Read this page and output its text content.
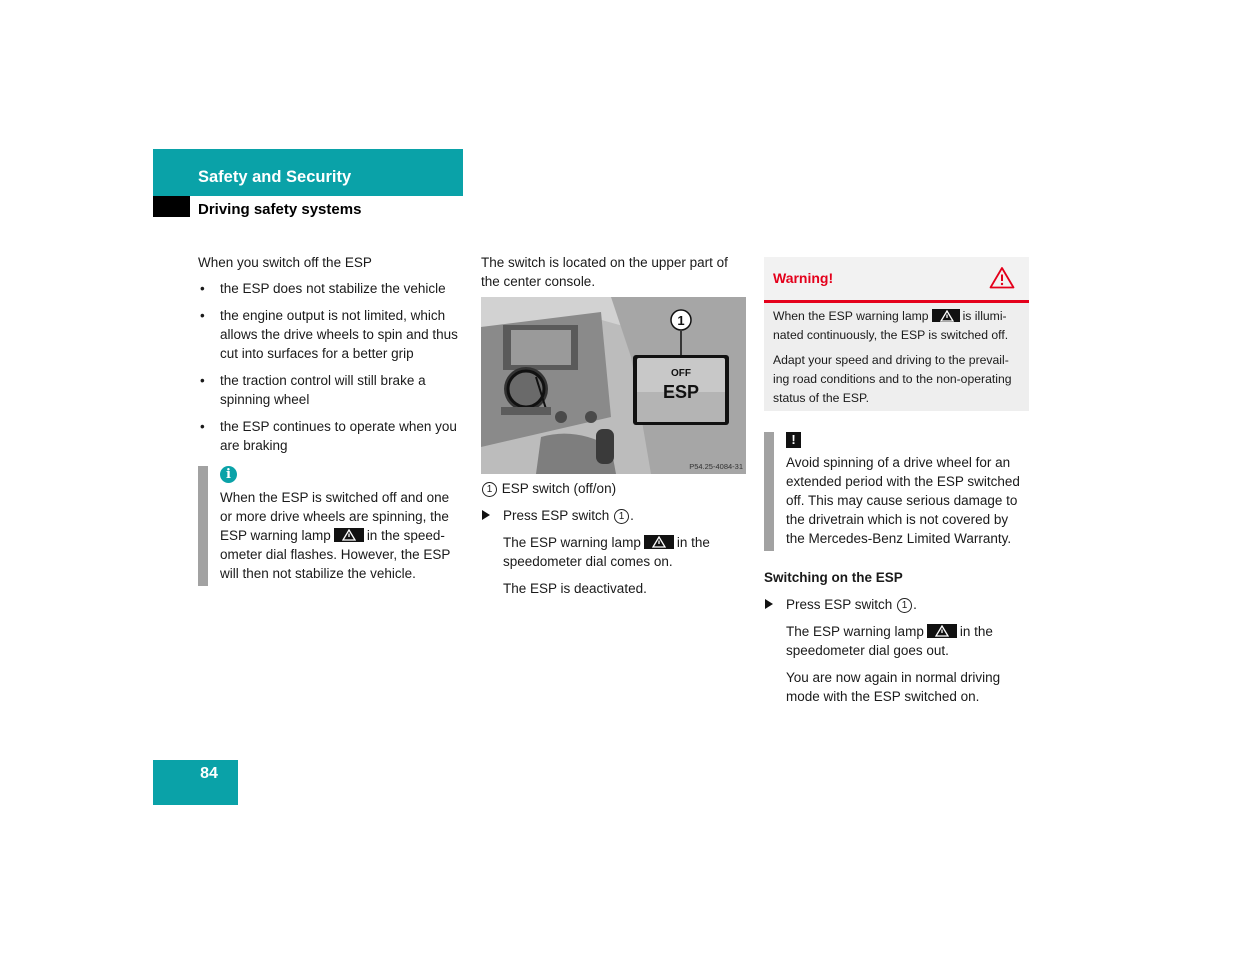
Safety and Security
Driving safety systems

When you switch off the ESP

• the ESP does not stabilize the vehicle
• the engine output is not limited, which allows the drive wheels to spin and thus cut into surfaces for a better grip
• the traction control will still brake a spinning wheel
• the ESP continues to operate when you are braking
i
When the ESP is switched off and one or more drive wheels are spinning, the ESP warning lamp	in the speed-ometer dial flashes. However, the ESP will then not stabilize the vehicle.
The switch is located on the upper part of the center console.
1
OFF
ESP
P54.25-4084-31
1 ESP switch (off/on)
Press ESP switch 1 .

The ESP warning lamp	in the speedometer dial comes on.

The ESP is deactivated.

Warning!

When the ESP warning lamp	is illumi-nated continuously, the ESP is switched off.

Adapt your speed and driving to the prevail-ing road conditions and to the non-operating status of the ESP.

!
Avoid spinning of a drive wheel for an extended period with the ESP switched off. This may cause serious damage to the drivetrain which is not covered by the Mercedes-Benz Limited Warranty.
Switching on the ESP
Press ESP switch 1 .

The ESP warning lamp	in the speedometer dial goes out.

You are now again in normal driving mode with the ESP switched on.

84
